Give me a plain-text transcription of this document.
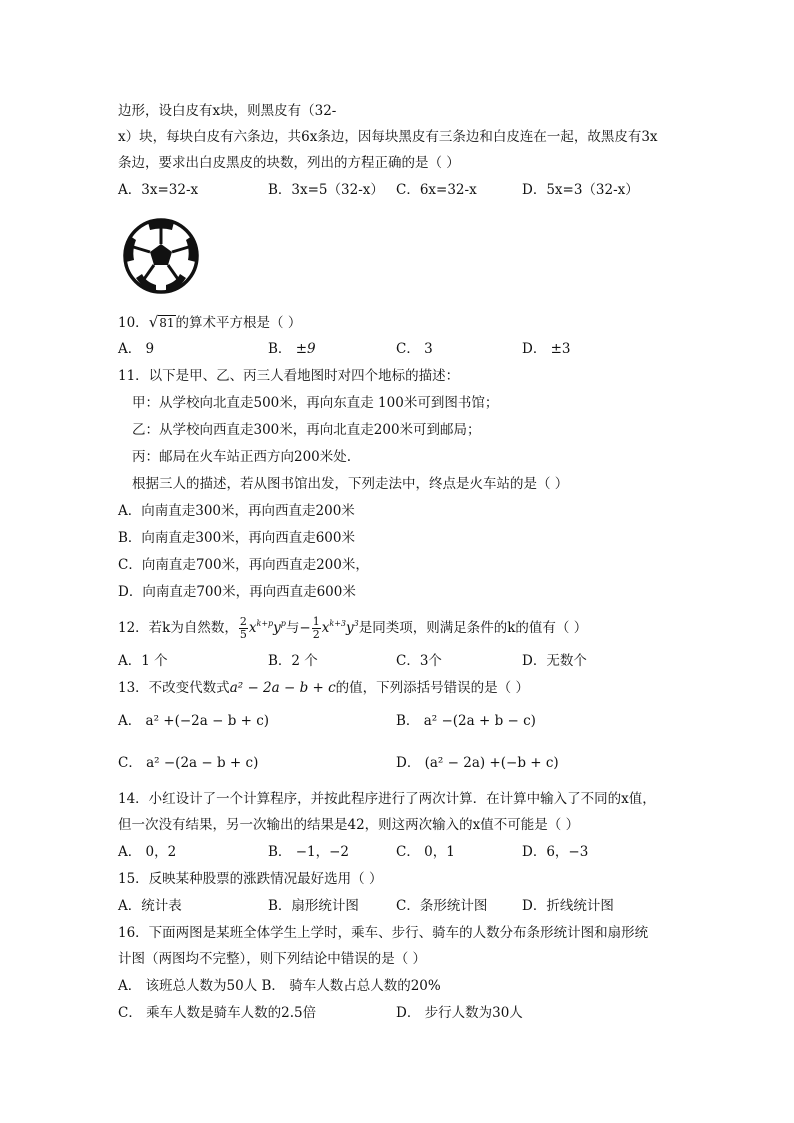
边形，设白皮有x块，则黑皮有（32-
x）块，每块白皮有六条边，共6x条边，因每块黑皮有三条边和白皮连在一起，故黑皮有3x
条边，要求出白皮黑皮的块数，列出的方程正确的是（ ）
A．3x=32-x	B．3x=5（32-x） C．6x=32-x	D．5x=3（32-x）
10．√81的算术平方根是（ ）
A． 9	B． ±9	C． 3	D． ±3
11．以下是甲、乙、丙三人看地图时对四个地标的描述：
甲：从学校向北直走500米，再向东直走 100米可到图书馆；
乙：从学校向西直走300米，再向北直走200米可到邮局；
丙：邮局在火车站正西方向200米处.
根据三人的描述，若从图书馆出发，下列走法中，终点是火车站的是（ ）
A．向南直走300米，再向西直走200米
B．向南直走300米，再向西直走600米
C．向南直走700米，再向西直走200米，
D．向南直走700米，再向西直走600米
12．若k为自然数， $\frac{2}{5} x^{k+p}y^p$与− $\frac{1}{2} x^{k+3}y^3$是同类项，则满足条件的k的值有（ ）
A．1 个	B．2 个	C．3个	D．无数个
13．不改变代数式a² − 2a − b + c的值，下列添括号错误的是（ ）
A． a² +(−2a − b + c)	B． a² −(2a + b − c)
C． a² −(2a − b + c)	D． (a² − 2a) +(−b + c)
14．小红设计了一个计算程序，并按此程序进行了两次计算．在计算中输入了不同的x值，
但一次没有结果，另一次输出的结果是42，则这两次输入的x值不可能是（ ）
A． 0，2	B． −1，−2	C． 0，1	D．6，−3
15．反映某种股票的涨跌情况最好选用（ ）
A．统计表	B．扇形统计图	C．条形统计图	D．折线统计图
16．下面两图是某班全体学生上学时，乘车、步行、骑车的人数分布条形统计图和扇形统
计图（两图均不完整），则下列结论中错误的是（ ）
A． 该班总人数为50人 B． 骑车人数占总人数的20%
C． 乘车人数是骑车人数的2.5倍	D． 步行人数为30人
